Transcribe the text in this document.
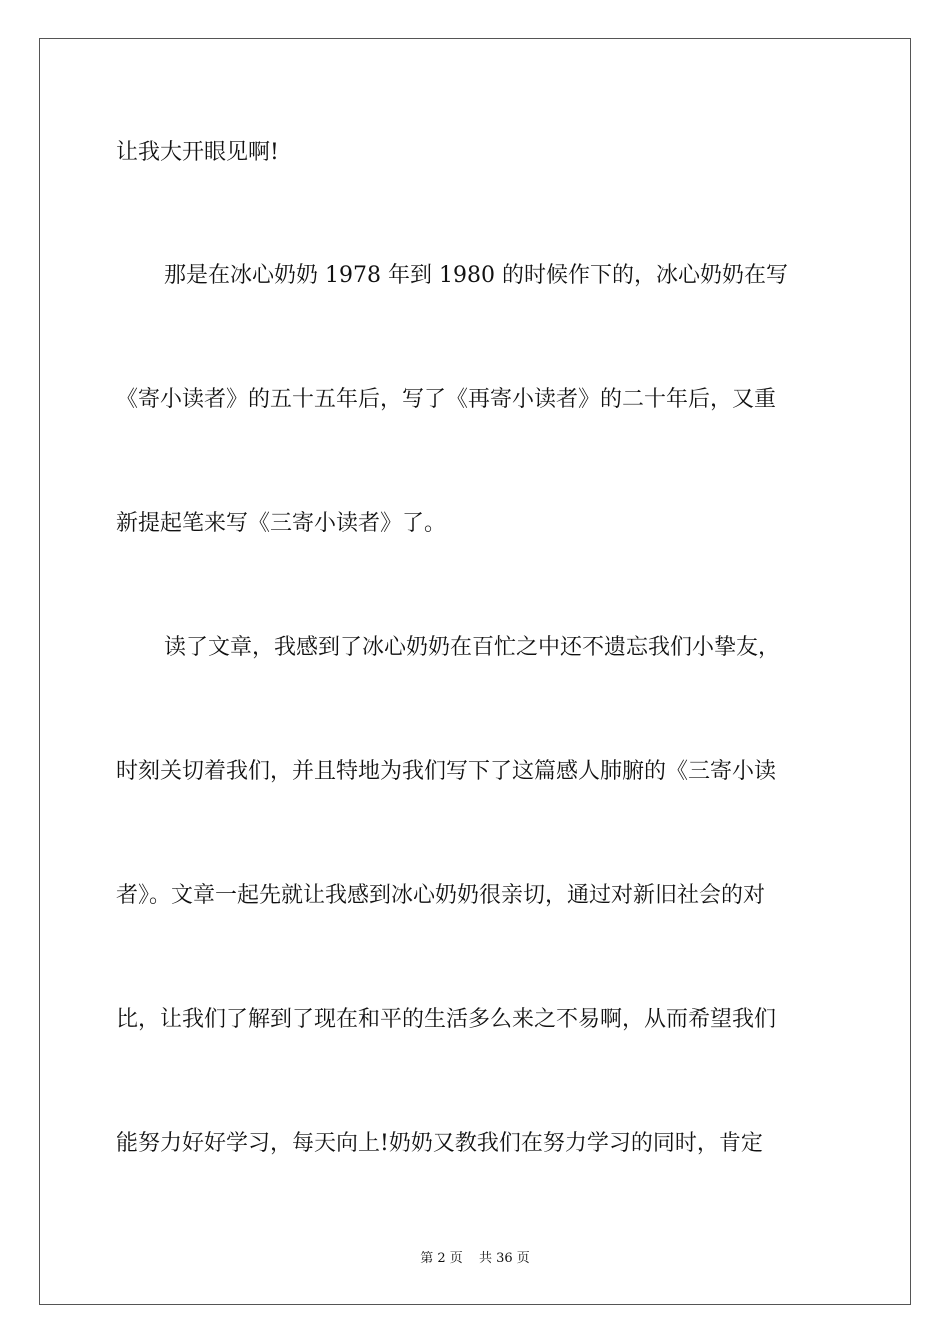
让我大开眼见啊!
那是在冰心奶奶 1978 年到 1980 的时候作下的，冰心奶奶在写
《寄小读者》的五十五年后，写了《再寄小读者》的二十年后，又重
新提起笔来写《三寄小读者》了。
读了文章，我感到了冰心奶奶在百忙之中还不遗忘我们小挚友，
时刻关切着我们，并且特地为我们写下了这篇感人肺腑的《三寄小读
者》。文章一起先就让我感到冰心奶奶很亲切，通过对新旧社会的对
比，让我们了解到了现在和平的生活多么来之不易啊，从而希望我们
能努力好好学习，每天向上!奶奶又教我们在努力学习的同时，肯定
第 2 页 共 36 页
